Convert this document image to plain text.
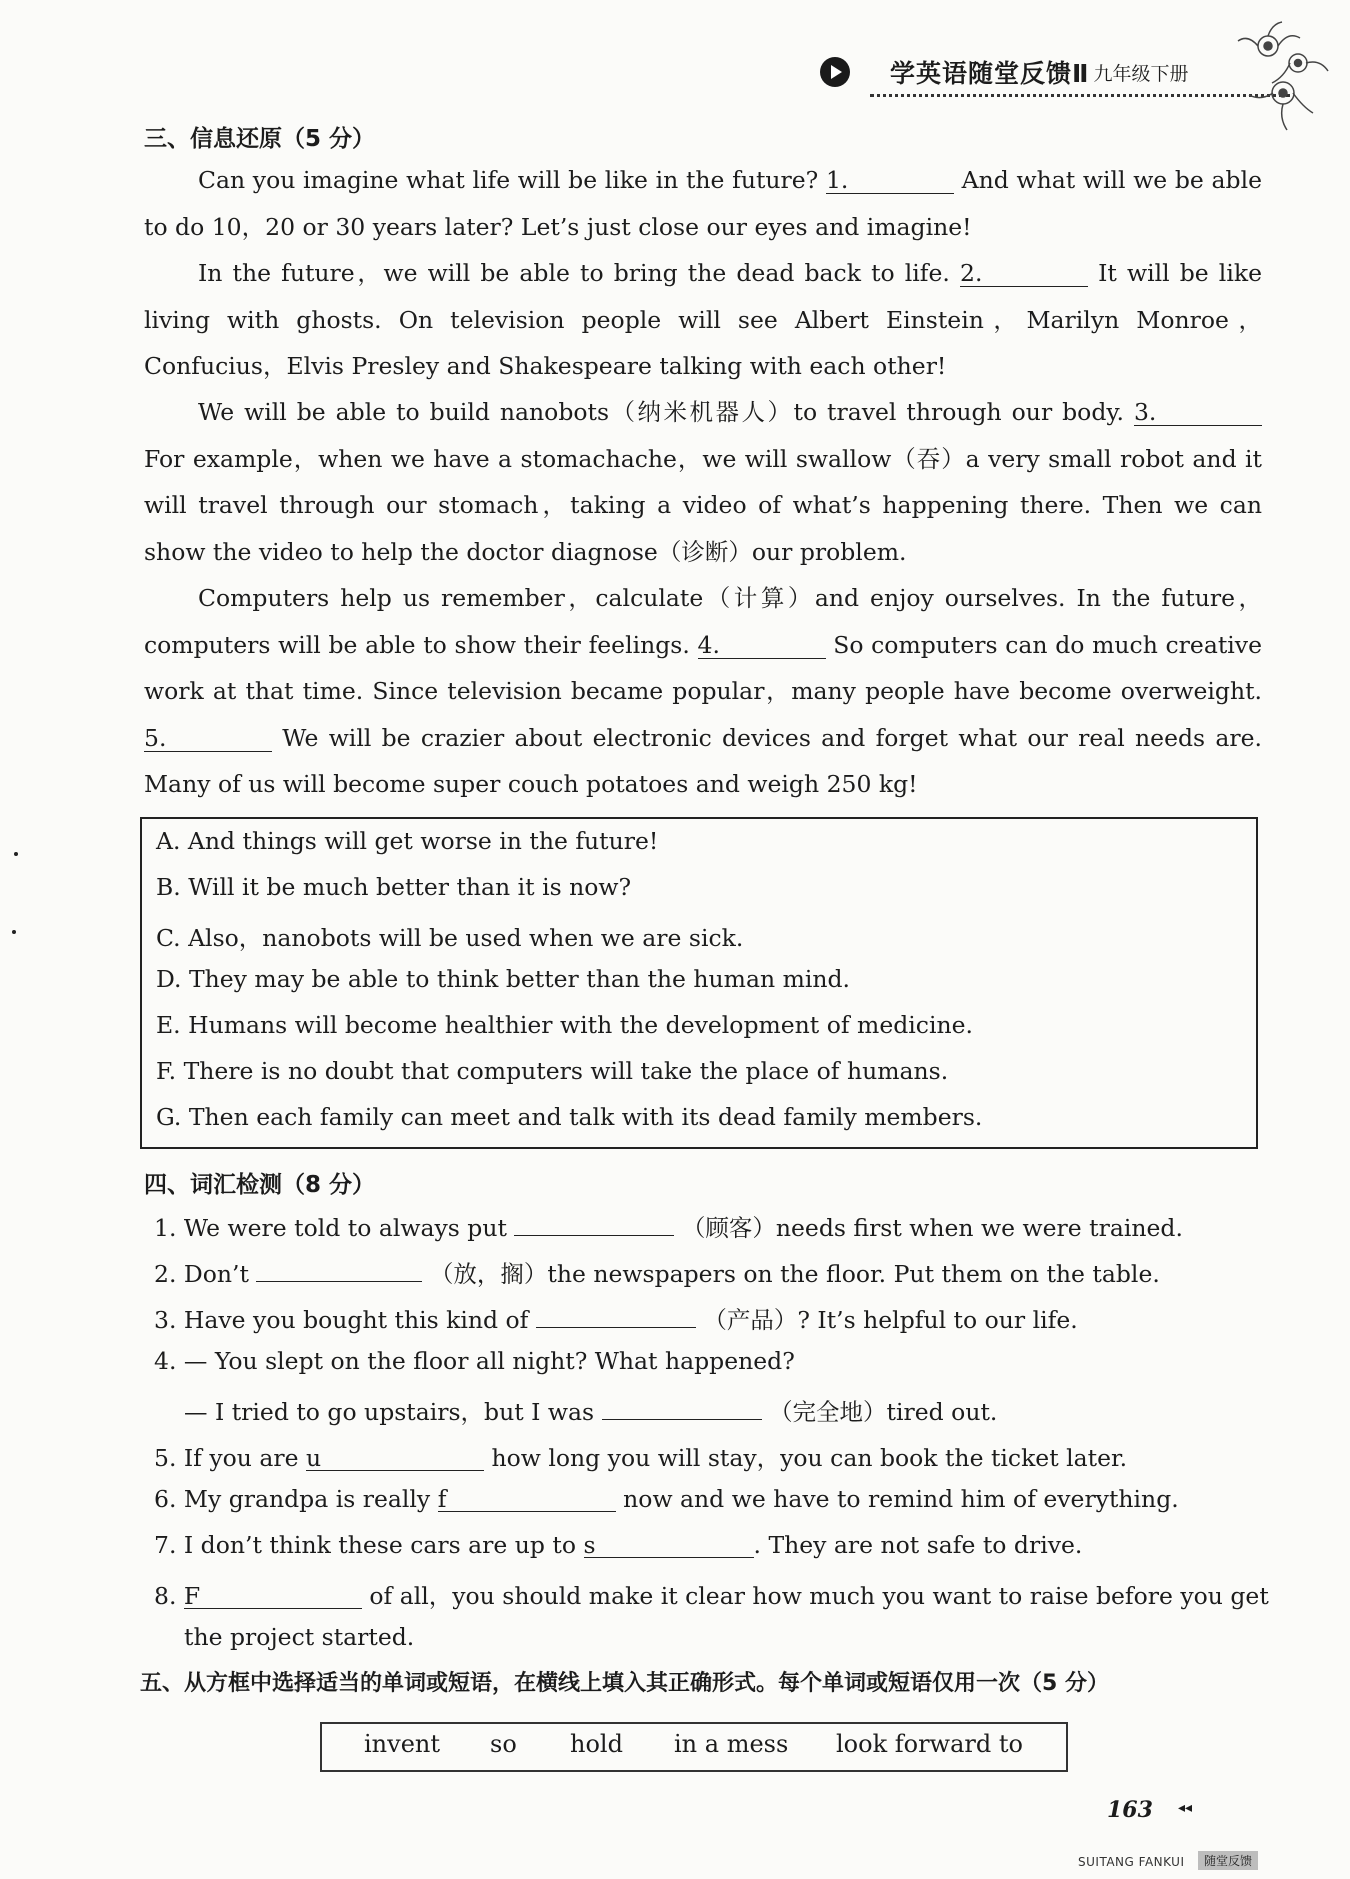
学英语随堂反馈Ⅱ 九年级下册
三、信息还原（5 分）
Can you imagine what life will be like in the future? 1.	And what will we be able to do 10，20 or 30 years later? Let’s just close our eyes and imagine!
In the future，we will be able to bring the dead back to life. 2.	It will be like living with ghosts. On television people will see Albert Einstein，Marilyn Monroe，Confucius，Elvis Presley and Shakespeare talking with each other!
We will be able to build nanobots（纳米机器人）to travel through our body. 3. For example，when we have a stomachache，we will swallow（吞）a very small robot and it will travel through our stomach，taking a video of what’s happening there. Then we can show the video to help the doctor diagnose（诊断）our problem.
Computers help us remember，calculate（计算）and enjoy ourselves. In the future，computers will be able to show their feelings. 4.	So computers can do much creative work at that time. Since television became popular，many people have become overweight. 5.	We will be crazier about electronic devices and forget what our real needs are. Many of us will become super couch potatoes and weigh 250 kg!
A. And things will get worse in the future!
B. Will it be much better than it is now?
C. Also，nanobots will be used when we are sick.
D. They may be able to think better than the human mind.
E. Humans will become healthier with the development of medicine.
F. There is no doubt that computers will take the place of humans.
G. Then each family can meet and talk with its dead family members.
四、词汇检测（8 分）
1. We were told to always put	（顾客）needs first when we were trained.
2. Don’t	（放，搁）the newspapers on the floor. Put them on the table.
3. Have you bought this kind of	（产品）? It’s helpful to our life.
4. — You slept on the floor all night? What happened?
— I tried to go upstairs，but I was	（完全地）tired out.
5. If you are u	how long you will stay，you can book the ticket later.
6. My grandpa is really f	now and we have to remind him of everything.
7. I don’t think these cars are up to s	. They are not safe to drive.
8. F	of all，you should make it clear how much you want to raise before you get
the project started.
五、从方框中选择适当的单词或短语，在横线上填入其正确形式。每个单词或短语仅用一次（5 分）
invent so hold in a mess look forward to
163 ◂◂
SUITANG FANKUI	随堂反馈
